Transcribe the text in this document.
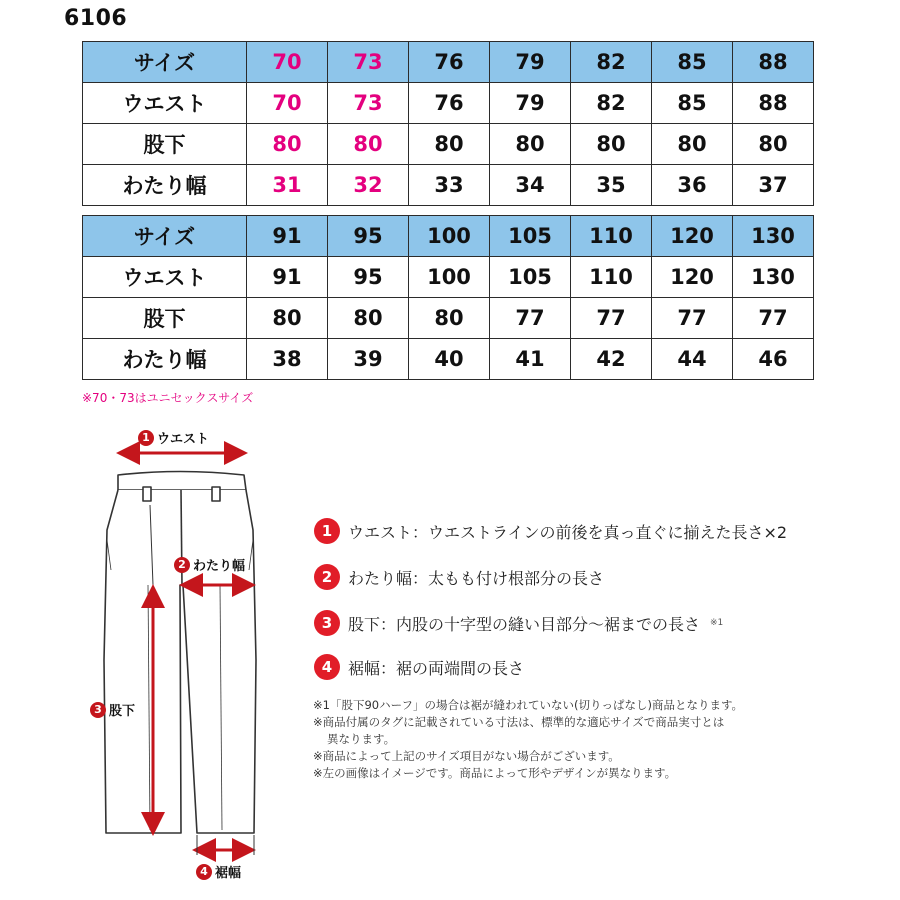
6106
サイズ	70	73	76	79	82	85	88
ウエスト	70	73	76	79	82	85	88
股下	80	80	80	80	80	80	80
わたり幅	31	32	33	34	35	36	37
サイズ	91	95	100	105	110	120	130
ウエスト	91	95	100	105	110	120	130
股下	80	80	80	77	77	77	77
わたり幅	38	39	40	41	42	44	46
※70・73はユニセックスサイズ
1 ウエスト
2 わたり幅
3 股下
4 裾幅
1 ウエスト：ウエストラインの前後を真っ直ぐに揃えた長さ×2
2 わたり幅：太もも付け根部分の長さ
3 股下：内股の十字型の縫い目部分～裾までの長さ ※1
4 裾幅：裾の両端間の長さ
※1「股下90ハーフ」の場合は裾が縫われていない(切りっぱなし)商品となります。
※商品付属のタグに記載されている寸法は、標準的な適応サイズで商品実寸とは
異なります。
※商品によって上記のサイズ項目がない場合がございます。
※左の画像はイメージです。商品によって形やデザインが異なります。
